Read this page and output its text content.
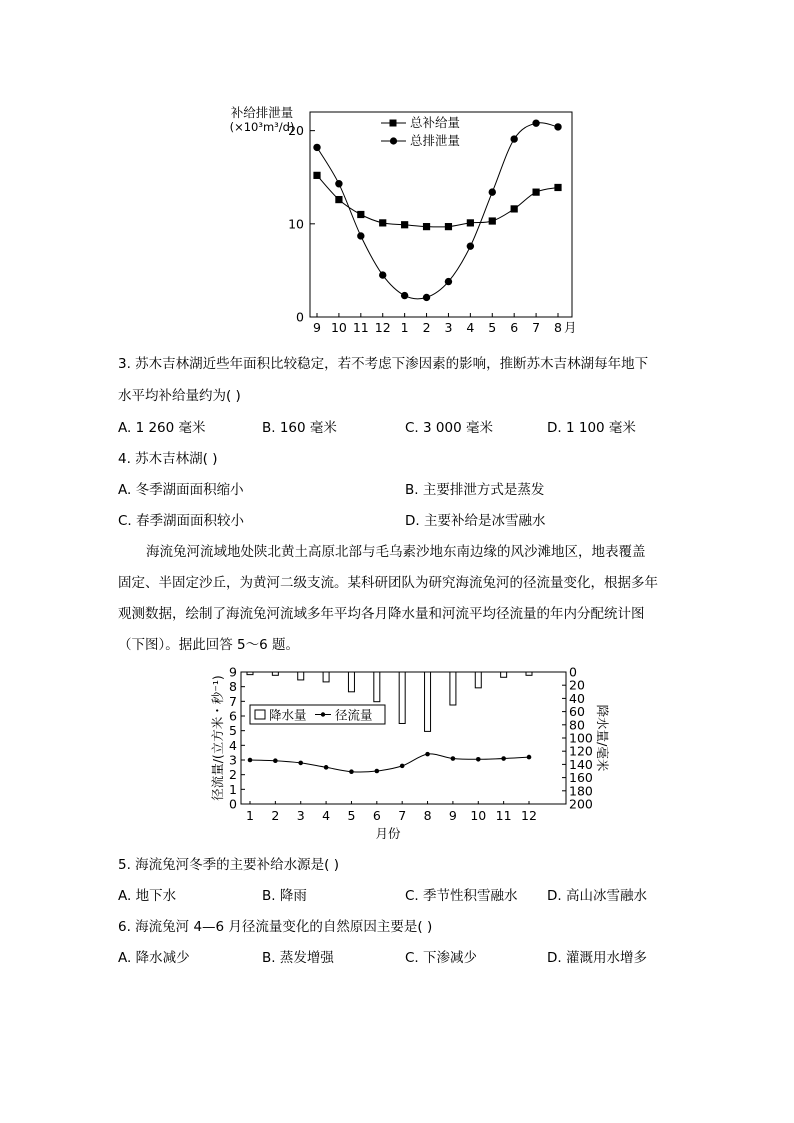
补给排泄量
(×10³m³/d)
0
10
20
9 10 11 12 1 2 3 4 5 6 7 8 月
总补给量
总排泄量
3. 苏木吉林湖近些年面积比较稳定，若不考虑下渗因素的影响，推断苏木吉林湖每年地下
水平均补给量约为( )
A. 1 260 毫米	B. 160 毫米	C. 3 000 毫米	D. 1 100 毫米
4. 苏木吉林湖( )
A. 冬季湖面面积缩小	B. 主要排泄方式是蒸发
C. 春季湖面面积较小	D. 主要补给是冰雪融水
海流兔河流域地处陕北黄土高原北部与毛乌素沙地东南边缘的风沙滩地区，地表覆盖
固定、半固定沙丘，为黄河二级支流。某科研团队为研究海流兔河的径流量变化，根据多年
观测数据，绘制了海流兔河流域多年平均各月降水量和河流平均径流量的年内分配统计图
（下图）。据此回答 5～6 题。
0
1
2
3
4
5
6
7
8
9	0
20
40
60
80
100
120
140
160
180
200
1 2 3 4 5 6 7 8 9 10 11 12
径流量/(立方米・秒⁻¹)	降水量/毫米
月份
降水量 径流量
5. 海流兔河冬季的主要补给水源是( )
A. 地下水	B. 降雨	C. 季节性积雪融水 D. 高山冰雪融水
6. 海流兔河 4—6 月径流量变化的自然原因主要是( )
A. 降水减少	B. 蒸发增强	C. 下渗减少	D. 灌溉用水增多
